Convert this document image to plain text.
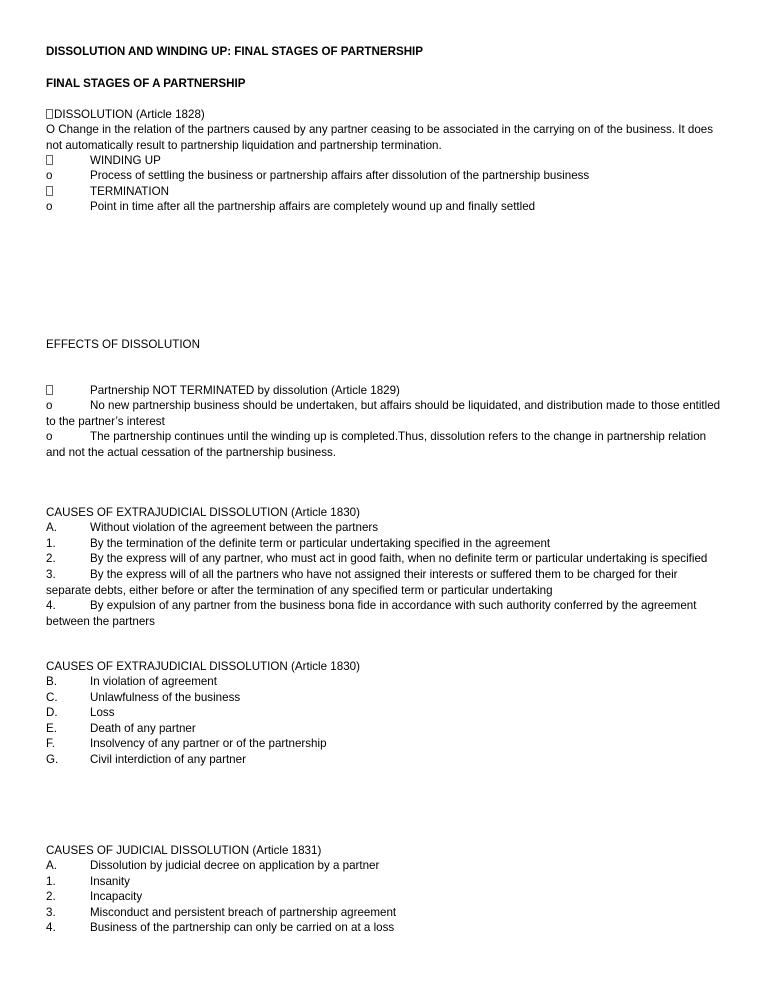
DISSOLUTION AND WINDING UP: FINAL STAGES OF PARTNERSHIP
FINAL STAGES OF A PARTNERSHIP
DISSOLUTION (Article 1828)
O Change in the relation of the partners caused by any partner ceasing to be associated in the carrying on of the business. It does not automatically result to partnership liquidation and partnership termination.
WINDING UP
o	Process of settling the business or partnership affairs after dissolution of the partnership business
TERMINATION
o	Point in time after all the partnership affairs are completely wound up and finally settled
EFFECTS OF DISSOLUTION
Partnership NOT TERMINATED by dissolution (Article 1829)
o	No new partnership business should be undertaken, but affairs should be liquidated, and distribution made to those entitled to the partner’s interest
o	The partnership continues until the winding up is completed.Thus, dissolution refers to the change in partnership relation and not the actual cessation of the partnership business.
CAUSES OF EXTRAJUDICIAL DISSOLUTION (Article 1830)
A.	Without violation of the agreement between the partners
1.	By the termination of the definite term or particular undertaking specified in the agreement
2.	By the express will of any partner, who must act in good faith, when no definite term or particular undertaking is specified
3.	By the express will of all the partners who have not assigned their interests or suffered them to be charged for their separate debts, either before or after the termination of any specified term or particular undertaking
4.	By expulsion of any partner from the business bona fide in accordance with such authority conferred by the agreement between the partners
CAUSES OF EXTRAJUDICIAL DISSOLUTION (Article 1830)
B.	In violation of agreement
C.	Unlawfulness of the business
D.	Loss
E.	Death of any partner
F.	Insolvency of any partner or of the partnership
G.	Civil interdiction of any partner
CAUSES OF JUDICIAL DISSOLUTION (Article 1831)
A.	Dissolution by judicial decree on application by a partner
1.	Insanity
2.	Incapacity
3.	Misconduct and persistent breach of partnership agreement
4.	Business of the partnership can only be carried on at a loss
